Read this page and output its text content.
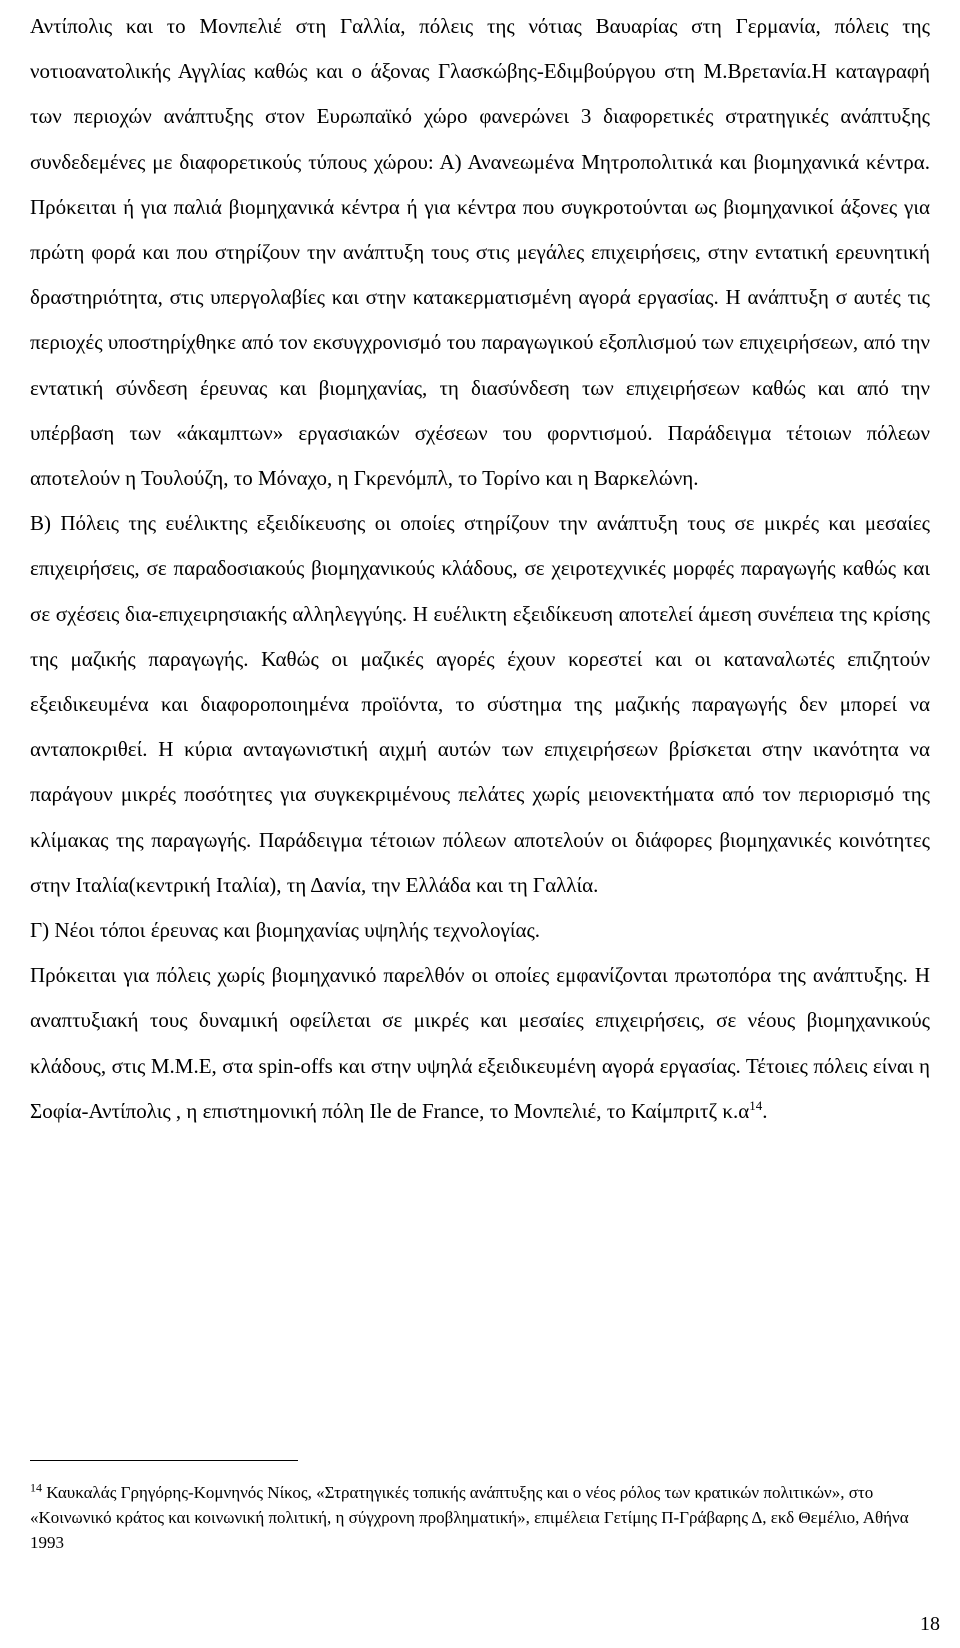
Αντίπολις και το Μονπελιέ στη Γαλλία, πόλεις της νότιας Βαυαρίας στη Γερμανία, πόλεις της νοτιοανατολικής Αγγλίας καθώς και ο άξονας Γλασκώβης-Εδιμβούργου στη Μ.Βρετανία.Η καταγραφή των περιοχών ανάπτυξης στον Ευρωπαϊκό χώρο φανερώνει 3 διαφορετικές στρατηγικές ανάπτυξης συνδεδεμένες με διαφορετικούς τύπους χώρου: Α) Ανανεωμένα Μητροπολιτικά και βιομηχανικά κέντρα. Πρόκειται ή για παλιά βιομηχανικά κέντρα ή για κέντρα που συγκροτούνται ως βιομηχανικοί άξονες για πρώτη φορά και που στηρίζουν την ανάπτυξη τους στις μεγάλες επιχειρήσεις, στην εντατική ερευνητική δραστηριότητα, στις υπεργολαβίες και στην κατακερματισμένη αγορά εργασίας. Η ανάπτυξη σ αυτές τις περιοχές υποστηρίχθηκε από τον εκσυγχρονισμό του παραγωγικού εξοπλισμού των επιχειρήσεων, από την εντατική σύνδεση έρευνας και βιομηχανίας, τη διασύνδεση των επιχειρήσεων καθώς και από την υπέρβαση των «άκαμπτων» εργασιακών σχέσεων του φορντισμού. Παράδειγμα τέτοιων πόλεων αποτελούν η Τουλούζη, το Μόναχο, η Γκρενόμπλ, το Τορίνο και η Βαρκελώνη.

Β) Πόλεις της ευέλικτης εξειδίκευσης οι οποίες στηρίζουν την ανάπτυξη τους σε μικρές και μεσαίες επιχειρήσεις, σε παραδοσιακούς βιομηχανικούς κλάδους, σε χειροτεχνικές μορφές παραγωγής καθώς και σε σχέσεις δια-επιχειρησιακής αλληλεγγύης. Η ευέλικτη εξειδίκευση αποτελεί άμεση συνέπεια της κρίσης της μαζικής παραγωγής. Καθώς οι μαζικές αγορές έχουν κορεστεί και οι καταναλωτές επιζητούν εξειδικευμένα και διαφοροποιημένα προϊόντα, το σύστημα της μαζικής παραγωγής δεν μπορεί να ανταποκριθεί. Η κύρια ανταγωνιστική αιχμή αυτών των επιχειρήσεων βρίσκεται στην ικανότητα να παράγουν μικρές ποσότητες για συγκεκριμένους πελάτες χωρίς μειονεκτήματα από τον περιορισμό της κλίμακας της παραγωγής. Παράδειγμα τέτοιων πόλεων αποτελούν οι διάφορες βιομηχανικές κοινότητες στην Ιταλία(κεντρική Ιταλία), τη Δανία, την Ελλάδα και τη Γαλλία.

Γ) Νέοι τόποι έρευνας και βιομηχανίας υψηλής τεχνολογίας.

Πρόκειται για πόλεις χωρίς βιομηχανικό παρελθόν οι οποίες εμφανίζονται πρωτοπόρα της ανάπτυξης. Η αναπτυξιακή τους δυναμική οφείλεται σε μικρές και μεσαίες επιχειρήσεις, σε νέους βιομηχανικούς κλάδους, στις Μ.Μ.Ε, στα spin-offs και στην υψηλά εξειδικευμένη αγορά εργασίας. Τέτοιες πόλεις είναι η Σοφία-Αντίπολις , η επιστημονική πόλη Ile de France, το Μονπελιέ, το Καίμπριτζ $\kappa.\alpha^{14}$.

$^{14}$ Καυκαλάς Γρηγόρης-Κομνηνός Νίκος, «Στρατηγικές τοπικής ανάπτυξης και ο νέος ρόλος των κρατικών πολιτικών», στο «Κοινωνικό κράτος και κοινωνική πολιτική, η σύγχρονη προβληματική», επιμέλεια Γετίμης Π-Γράβαρης Δ, εκδ Θεμέλιο, Αθήνα 1993

18
